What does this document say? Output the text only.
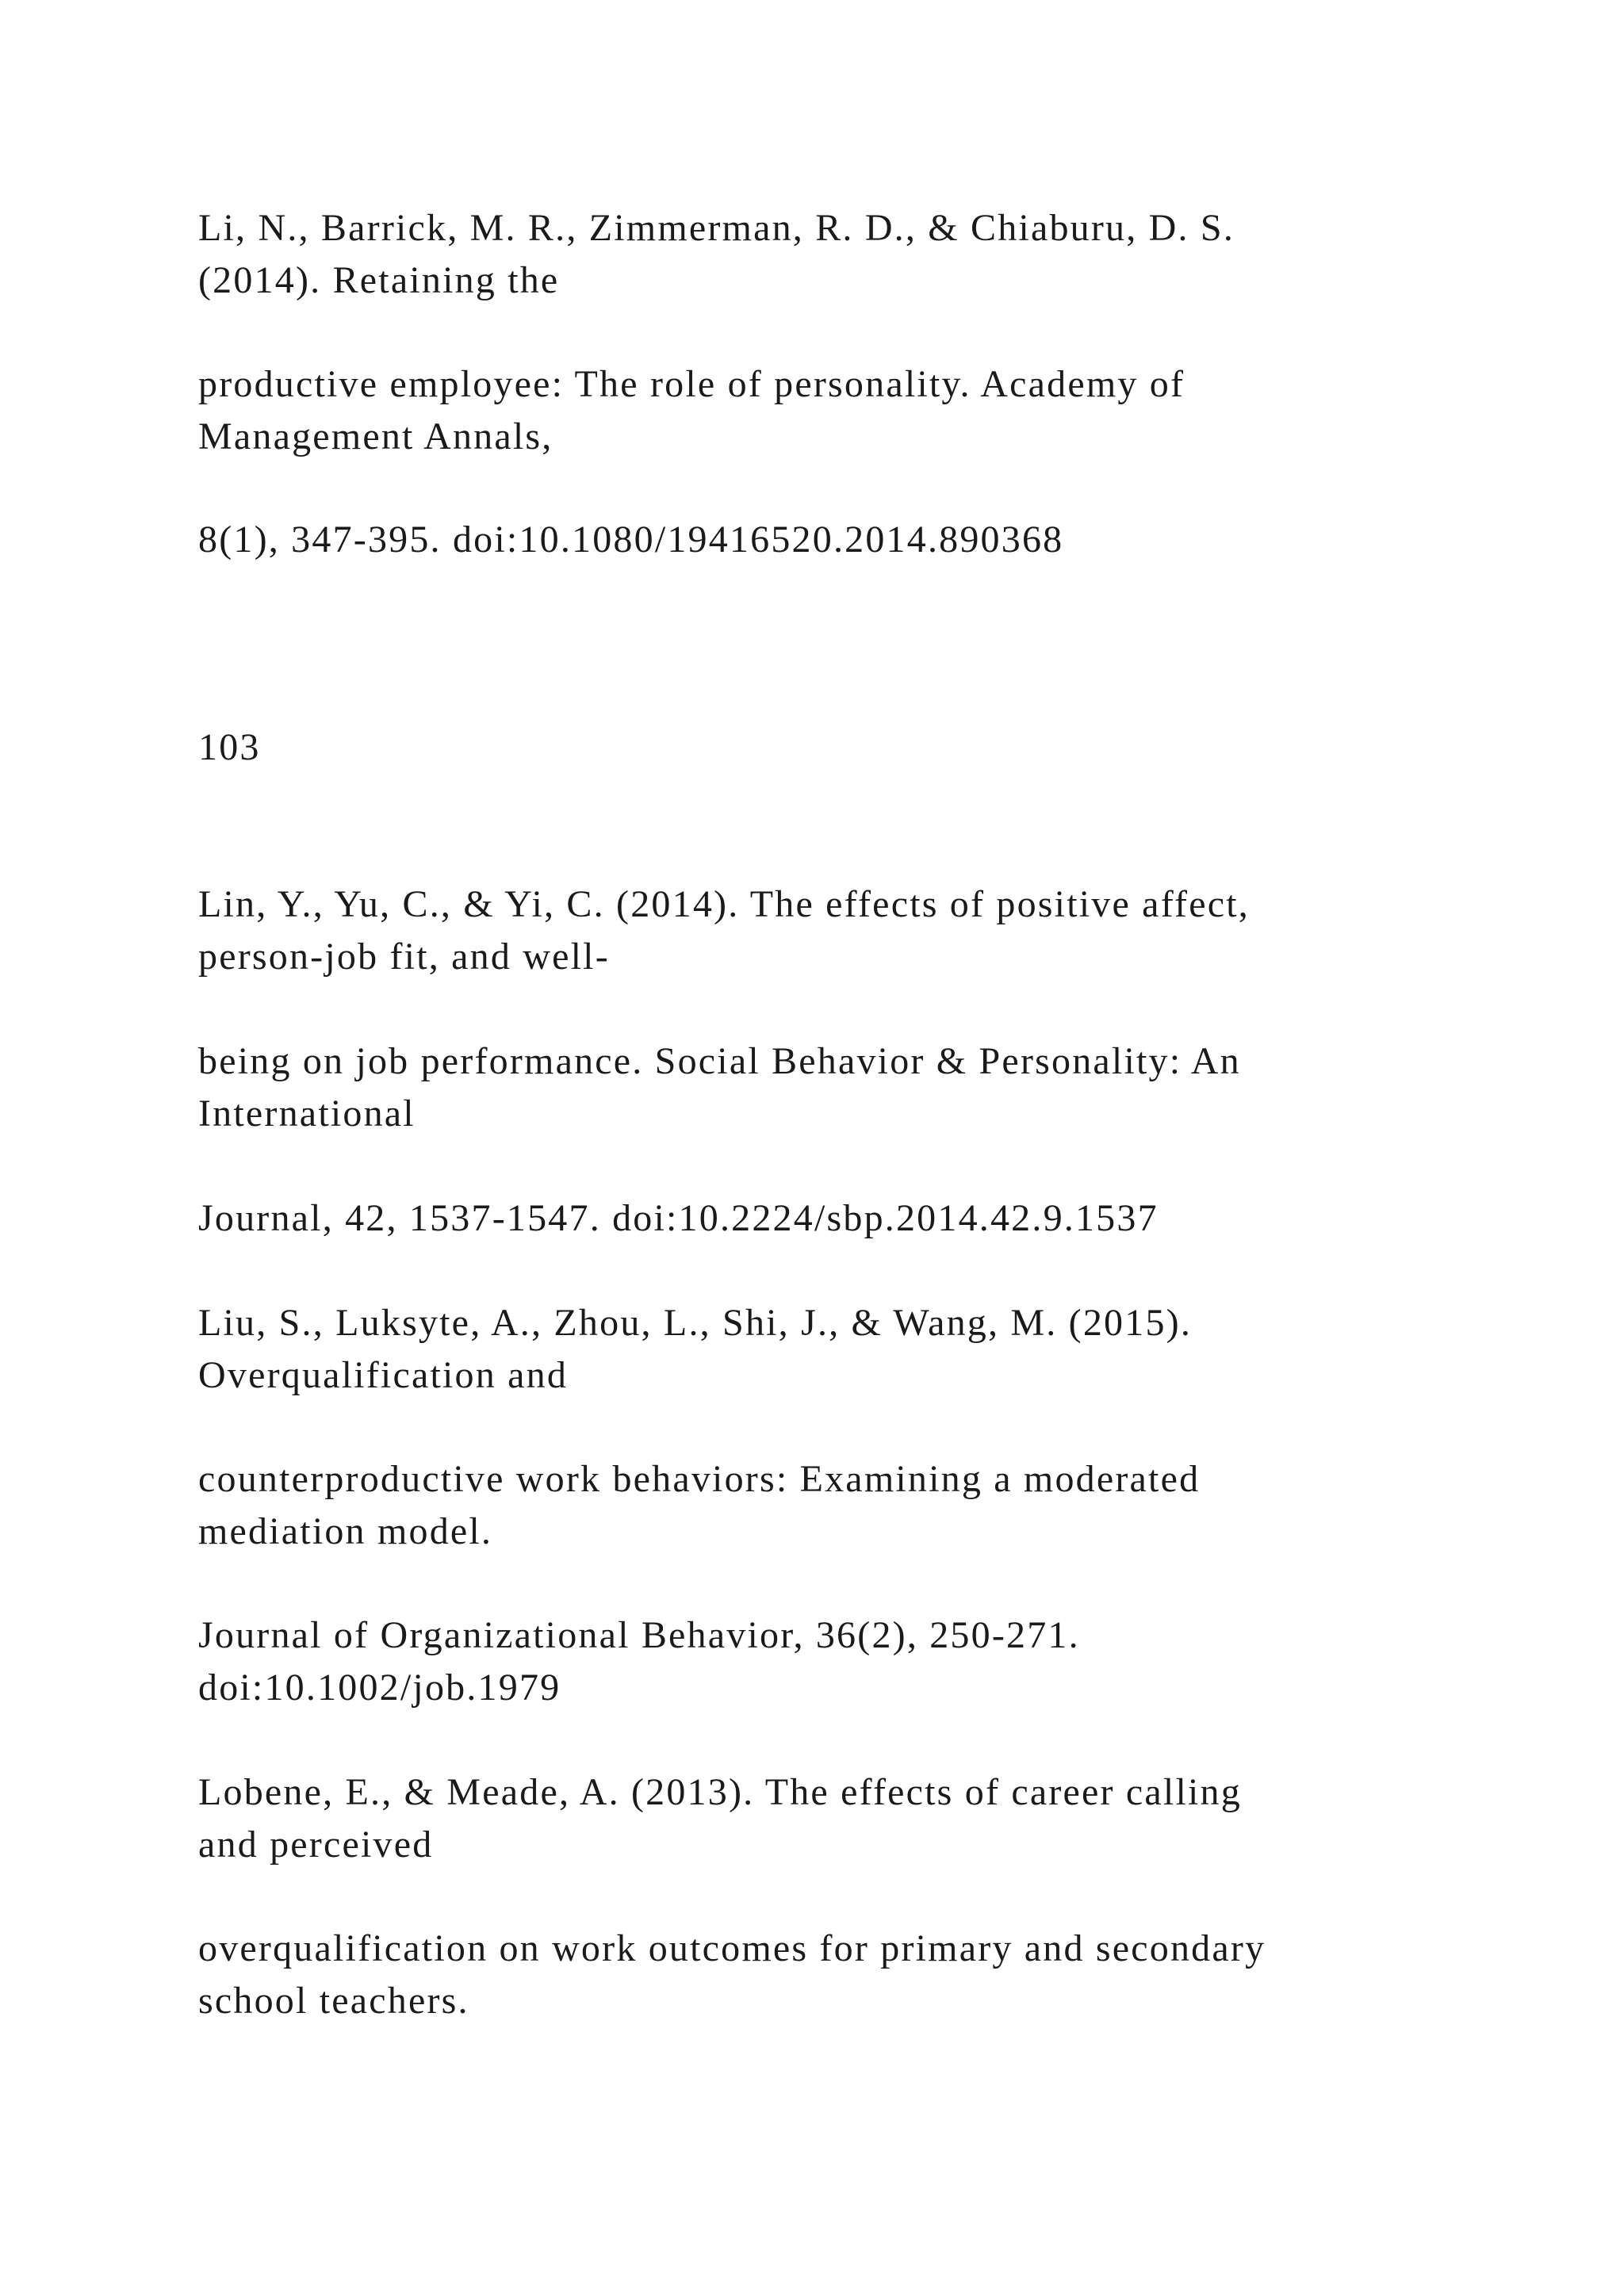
Li, N., Barrick, M. R., Zimmerman, R. D., & Chiaburu, D. S.
(2014). Retaining the

productive employee: The role of personality. Academy of
Management Annals,

8(1), 347-395. doi:10.1080/19416520.2014.890368

103

Lin, Y., Yu, C., & Yi, C. (2014). The effects of positive affect,
person-job fit, and well-

being on job performance. Social Behavior & Personality: An
International

Journal, 42, 1537-1547. doi:10.2224/sbp.2014.42.9.1537

Liu, S., Luksyte, A., Zhou, L., Shi, J., & Wang, M. (2015).
Overqualification and

counterproductive work behaviors: Examining a moderated
mediation model.

Journal of Organizational Behavior, 36(2), 250-271.
doi:10.1002/job.1979

Lobene, E., & Meade, A. (2013). The effects of career calling
and perceived

overqualification on work outcomes for primary and secondary
school teachers.
